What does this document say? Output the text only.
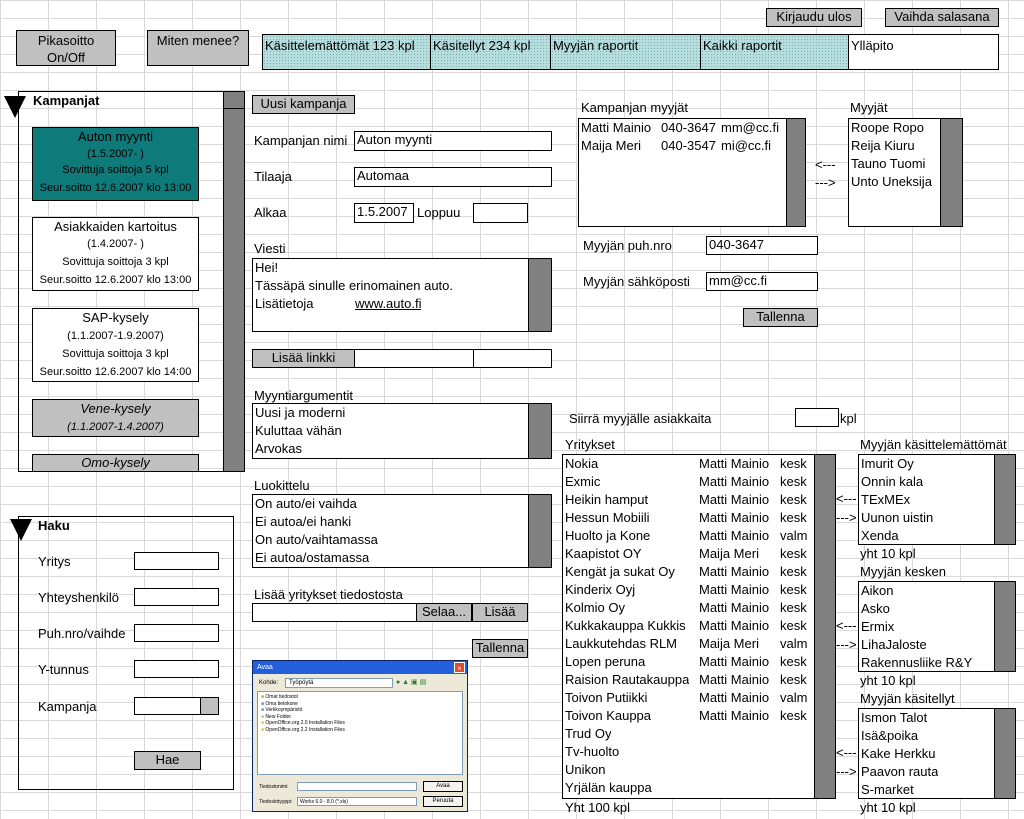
Kirjaudu ulos	Vaihda salasana
Pikasoitto On/Off
Miten menee?	Käsittelemättömät 123 kpl	Käsitellyt 234 kpl	Myyjän raportit	Kaikki raportit	Ylläpito
Kampanjat
Auton myynti
(1.5.2007- )
Sovittuja soittoja 5 kpl
Seur.soitto 12.6.2007 klo 13:00
Asiakkaiden kartoitus
(1.4.2007- )
Sovittuja soittoja 3 kpl
Seur.soitto 12.6.2007 klo 13:00
SAP-kysely
(1.1.2007-1.9.2007)
Sovittuja soittoja 3 kpl
Seur.soitto 12.6.2007 klo 14:00
Vene-kysely
(1.1.2007-1.4.2007)
Omo-kysely
Haku
Yritys
Yhteyshenkilö
Puh.nro/vaihde
Y-tunnus
Kampanja
Hae
Uusi kampanja
Kampanjan nimi Auton myynti
Tilaaja	Automaa
Alkaa	1.5.2007 Loppuu
Viesti
Hei!
Tässäpä sinulle erinomainen auto.
Lisätietoja	www.auto.fi
Lisää linkki
Myyntiargumentit
Uusi ja moderni
Kuluttaa vähän
Arvokas
Luokittelu
On auto/ei vaihda
Ei autoa/ei hanki
On auto/vaihtamassa
Ei autoa/ostamassa
Lisää yritykset tiedostosta
Selaa...	Lisää
Tallenna
Avaa	×
Kohde:	Työpöytä	● ▲ ▣ ▤
■ Omat tiedostot
■ Oma tietokone
■ Verkkoympäristö
■ New Folder
■ OpenOffice.org 2.0 Installation Files
■ OpenOffice.org 2.2 Installation Files
Tiedostonimi:	Avaa
Tiedostotyyppi:	Works 6.0 - 8.0 (*.xls)	Peruuta
Kampanjan myyjät
Matti Mainio 040-3647 mm@cc.fi
Maija Meri 040-3547 mi@cc.fi
<---
--->
Myyjät
Roope Ropo
Reija Kiuru
Tauno Tuomi
Unto Uneksija
Myyjän puh.nro	040-3647
Myyjän sähköposti mm@cc.fi
Tallenna
Siirrä myyjälle asiakkaita	kpl
Yritykset
Nokia	Matti Mainio kesk
Exmic	Matti Mainio kesk
Heikin hamput	Matti Mainio kesk
Hessun Mobiili	Matti Mainio kesk
Huolto ja Kone	Matti Mainio valm
Kaapistot OY	Maija Meri kesk
Kengät ja sukat Oy Matti Mainio kesk
Kinderix Oyj	Matti Mainio kesk
Kolmio Oy	Matti Mainio kesk
Kukkakauppa Kukkis Matti Mainio kesk
Laukkutehdas RLM Maija Meri valm
Lopen peruna	Matti Mainio kesk
Raision Rautakauppa Matti Mainio kesk
Toivon Putiikki	Matti Mainio valm
Toivon Kauppa	Matti Mainio kesk
Trud Oy
Tv-huolto
Unikon
Yrjälän kauppa
Yht 100 kpl
<---
--->
<---
--->
<---
--->
Myyjän käsittelemättömät
Imurit Oy
Onnin kala
TExMEx
Uunon uistin
Xenda
yht 10 kpl
Myyjän kesken
Aikon
Asko
Ermix
LihaJaloste
Rakennusliike R&Y
yht 10 kpl
Myyjän käsitellyt
Ismon Talot
Isä&poika
Kake Herkku
Paavon rauta
S-market
yht 10 kpl
